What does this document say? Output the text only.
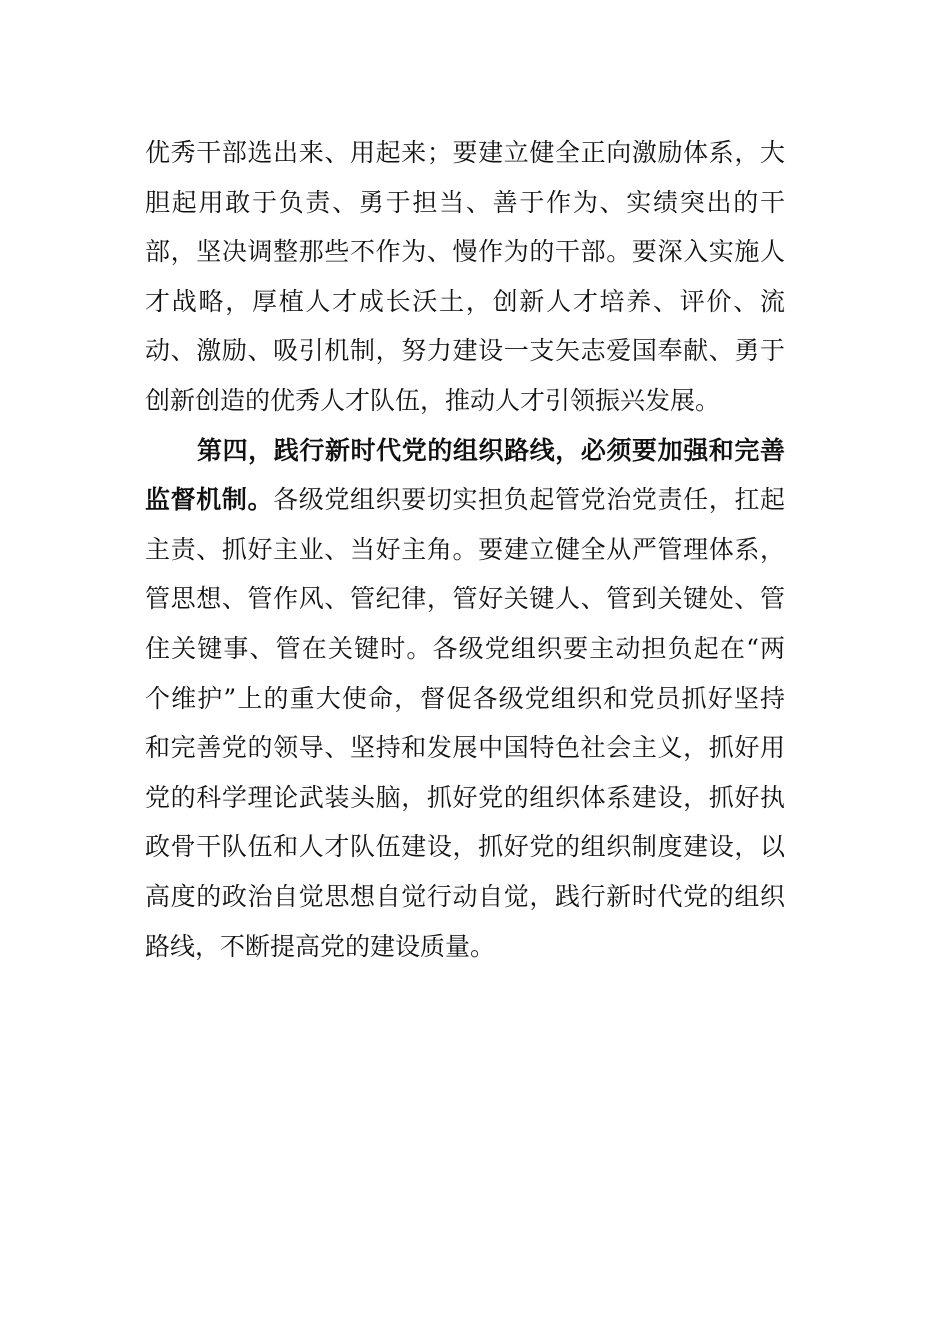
优秀干部选出来、用起来；要建立健全正向激励体系，大
胆起用敢于负责、勇于担当、善于作为、实绩突出的干
部，坚决调整那些不作为、慢作为的干部。要深入实施人
才战略，厚植人才成长沃土，创新人才培养、评价、流
动、激励、吸引机制，努力建设一支矢志爱国奉献、勇于
创新创造的优秀人才队伍，推动人才引领振兴发展。
第四，践行新时代党的组织路线，必须要加强和完善
监督机制。各级党组织要切实担负起管党治党责任，扛起
主责、抓好主业、当好主角。要建立健全从严管理体系，
管思想、管作风、管纪律，管好关键人、管到关键处、管
住关键事、管在关键时。各级党组织要主动担负起在“两
个维护”上的重大使命，督促各级党组织和党员抓好坚持
和完善党的领导、坚持和发展中国特色社会主义，抓好用
党的科学理论武装头脑，抓好党的组织体系建设，抓好执
政骨干队伍和人才队伍建设，抓好党的组织制度建设，以
高度的政治自觉思想自觉行动自觉，践行新时代党的组织
路线，不断提高党的建设质量。
